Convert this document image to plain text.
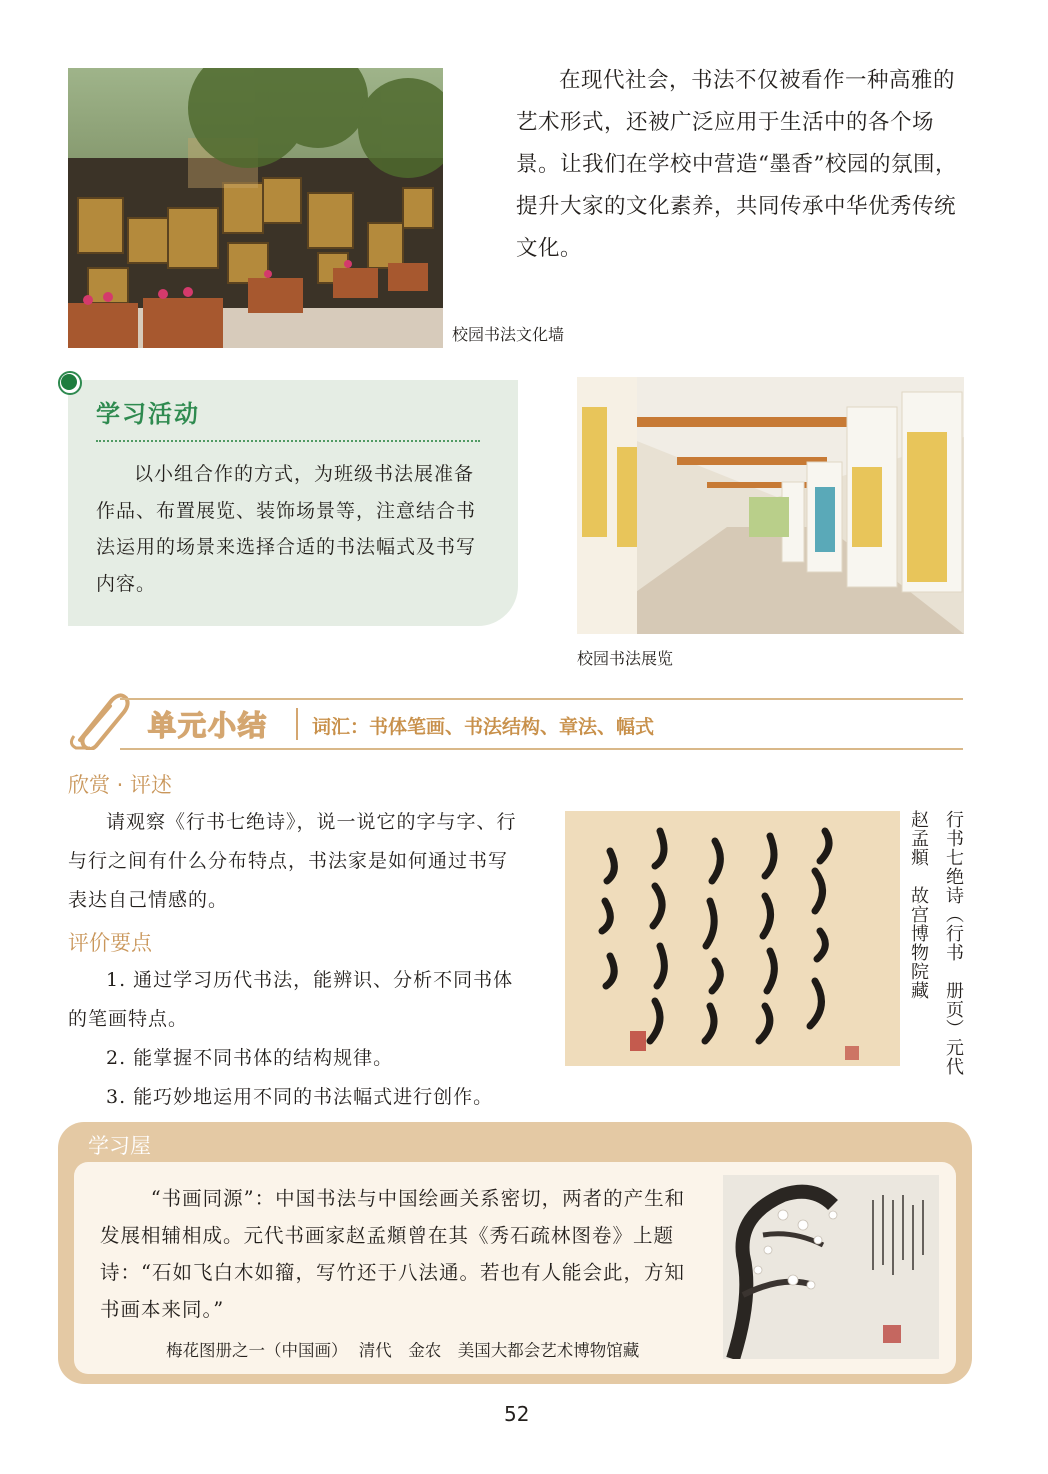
校园书法文化墙
在现代社会，书法不仅被看作一种高雅的艺术形式，还被广泛应用于生活中的各个场景。让我们在学校中营造“墨香”校园的氛围，提升大家的文化素养，共同传承中华优秀传统文化。
学习活动
以小组合作的方式，为班级书法展准备作品、布置展览、装饰场景等，注意结合书法运用的场景来选择合适的书法幅式及书写内容。
校园书法展览
单元小结 词汇：书体笔画、书法结构、章法、幅式
欣赏 · 评述
请观察《行书七绝诗》，说一说它的字与字、行与行之间有什么分布特点，书法家是如何通过书写表达自己情感的。
评价要点
1. 通过学习历代书法，能辨识、分析不同书体的笔画特点。
2. 能掌握不同书体的结构规律。
3. 能巧妙地运用不同的书法幅式进行创作。
行书七绝诗（行书　册页）元代
赵孟頫　故宫博物院藏
学习屋
“书画同源”：中国书法与中国绘画关系密切，两者的产生和发展相辅相成。元代书画家赵孟頫曾在其《秀石疏林图卷》上题诗：“石如飞白木如籀，写竹还于八法通。若也有人能会此，方知书画本来同。”
梅花图册之一（中国画） 清代　金农　美国大都会艺术博物馆藏
52
